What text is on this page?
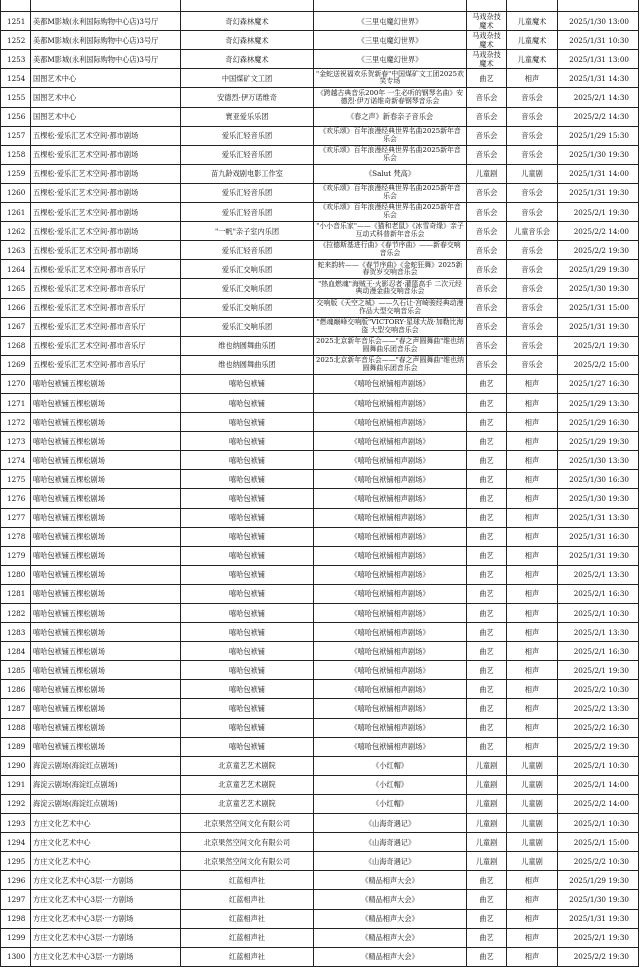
1251	美都M影城(永利国际购物中心店)3号厅	奇幻森林魔术	《三里屯魔幻世界》	马戏杂技魔术	儿童魔术	2025/1/30 13:00
1252	美都M影城(永利国际购物中心店)3号厅	奇幻森林魔术	《三里屯魔幻世界》	马戏杂技魔术	儿童魔术	2025/1/31 10:30
1253	美都M影城(永利国际购物中心店)3号厅	奇幻森林魔术	《三里屯魔幻世界》	马戏杂技魔术	儿童魔术	2025/1/31 13:00
1254	国图艺术中心	中国煤矿文工团	"金蛇送祝福欢乐贺新春"中国煤矿文工团2025欢笑专场	曲艺	相声	2025/1/31 14:30
1255	国图艺术中心	安德烈·伊万诺维奇	《跨越古典音乐200年 一生必听的钢琴名曲》安德烈·伊万诺维奇新春钢琴音乐会	音乐会	音乐会	2025/2/1 14:30
1256	国图艺术中心	寰亚爱乐乐团	《春之声》新春亲子音乐会	音乐会	音乐会	2025/2/2 14:30
1257	五棵松·爱乐汇艺术空间·都市剧场	爱乐汇轻音乐团	《欢乐颂》百年浪漫经典世界名曲2025新年音乐会	音乐会	音乐会	2025/1/29 15:30
1258	五棵松·爱乐汇艺术空间·都市剧场	爱乐汇轻音乐团	《欢乐颂》百年浪漫经典世界名曲2025新年音乐会	音乐会	音乐会	2025/1/30 19:30
1259	五棵松·爱乐汇艺术空间·都市剧场	苗九龄戏剧电影工作室	《Salut 梵高》	儿童剧	儿童剧	2025/1/31 14:00
1260	五棵松·爱乐汇艺术空间·都市剧场	爱乐汇轻音乐团	《欢乐颂》百年浪漫经典世界名曲2025新年音乐会	音乐会	音乐会	2025/1/31 19:30
1261	五棵松·爱乐汇艺术空间·都市剧场	爱乐汇轻音乐团	《欢乐颂》百年浪漫经典世界名曲2025新年音乐会	音乐会	音乐会	2025/2/1 19:30
1262	五棵松·爱乐汇艺术空间·都市剧场	"一帆"亲子室内乐团	"小小音乐家"——《猫和老鼠》《冰雪奇缘》亲子互动式科普新年音乐会	音乐会	儿童音乐会	2025/2/2 14:00
1263	五棵松·爱乐汇艺术空间·都市剧场	爱乐汇轻音乐团	《拉德斯基进行曲》《春节序曲》——新春交响音乐会	音乐会	音乐会	2025/2/2 19:30
1264	五棵松·爱乐汇艺术空间·都市音乐厅	爱乐汇交响乐团	蛇来韵转——《春节序曲》《金蛇狂舞》2025新春贺岁交响音乐会	音乐会	音乐会	2025/1/29 19:30
1265	五棵松·爱乐汇艺术空间·都市音乐厅	爱乐汇交响乐团	"热血燃魂"海贼王·火影忍者·灌篮高手 二次元经典动漫金曲交响音乐会	音乐会	音乐会	2025/1/30 19:30
1266	五棵松·爱乐汇艺术空间·都市音乐厅	爱乐汇交响乐团	交响版《天空之城》——久石让·宫崎骏经典动漫作品大型交响音乐会	音乐会	音乐会	2025/1/31 15:00
1267	五棵松·爱乐汇艺术空间·都市音乐厅	爱乐汇交响乐团	"燃魂巅峰交响版"VICTORY·星球大战·加勒比海盗 大型交响音乐会	音乐会	音乐会	2025/1/31 19:30
1268	五棵松·爱乐汇艺术空间·都市音乐厅	维也纳圆舞曲乐团	2025北京新年音乐会——"春之声圆舞曲"维也纳圆舞曲乐团音乐会	音乐会	音乐会	2025/2/1 19:30
1269	五棵松·爱乐汇艺术空间·都市音乐厅	维也纳圆舞曲乐团	2025北京新年音乐会——"春之声圆舞曲"维也纳圆舞曲乐团音乐会	音乐会	音乐会	2025/2/2 15:00
1270	嘻哈包袱铺五棵松剧场	嘻哈包袱铺	《嘻哈包袱铺相声剧场》	曲艺	相声	2025/1/27 16:30
1271	嘻哈包袱铺五棵松剧场	嘻哈包袱铺	《嘻哈包袱铺相声剧场》	曲艺	相声	2025/1/29 13:30
1272	嘻哈包袱铺五棵松剧场	嘻哈包袱铺	《嘻哈包袱铺相声剧场》	曲艺	相声	2025/1/29 16:30
1273	嘻哈包袱铺五棵松剧场	嘻哈包袱铺	《嘻哈包袱铺相声剧场》	曲艺	相声	2025/1/29 19:30
1274	嘻哈包袱铺五棵松剧场	嘻哈包袱铺	《嘻哈包袱铺相声剧场》	曲艺	相声	2025/1/30 13:30
1275	嘻哈包袱铺五棵松剧场	嘻哈包袱铺	《嘻哈包袱铺相声剧场》	曲艺	相声	2025/1/30 16:30
1276	嘻哈包袱铺五棵松剧场	嘻哈包袱铺	《嘻哈包袱铺相声剧场》	曲艺	相声	2025/1/30 19:30
1277	嘻哈包袱铺五棵松剧场	嘻哈包袱铺	《嘻哈包袱铺相声剧场》	曲艺	相声	2025/1/31 13:30
1278	嘻哈包袱铺五棵松剧场	嘻哈包袱铺	《嘻哈包袱铺相声剧场》	曲艺	相声	2025/1/31 16:30
1279	嘻哈包袱铺五棵松剧场	嘻哈包袱铺	《嘻哈包袱铺相声剧场》	曲艺	相声	2025/1/31 19:30
1280	嘻哈包袱铺五棵松剧场	嘻哈包袱铺	《嘻哈包袱铺相声剧场》	曲艺	相声	2025/2/1 13:30
1281	嘻哈包袱铺五棵松剧场	嘻哈包袱铺	《嘻哈包袱铺相声剧场》	曲艺	相声	2025/2/1 16:30
1282	嘻哈包袱铺五棵松剧场	嘻哈包袱铺	《嘻哈包袱铺相声剧场》	曲艺	相声	2025/2/1 10:30
1283	嘻哈包袱铺五棵松剧场	嘻哈包袱铺	《嘻哈包袱铺相声剧场》	曲艺	相声	2025/2/1 13:30
1284	嘻哈包袱铺五棵松剧场	嘻哈包袱铺	《嘻哈包袱铺相声剧场》	曲艺	相声	2025/2/1 16:30
1285	嘻哈包袱铺五棵松剧场	嘻哈包袱铺	《嘻哈包袱铺相声剧场》	曲艺	相声	2025/2/1 19:30
1286	嘻哈包袱铺五棵松剧场	嘻哈包袱铺	《嘻哈包袱铺相声剧场》	曲艺	相声	2025/2/2 10:30
1287	嘻哈包袱铺五棵松剧场	嘻哈包袱铺	《嘻哈包袱铺相声剧场》	曲艺	相声	2025/2/2 13:30
1288	嘻哈包袱铺五棵松剧场	嘻哈包袱铺	《嘻哈包袱铺相声剧场》	曲艺	相声	2025/2/2 16:30
1289	嘻哈包袱铺五棵松剧场	嘻哈包袱铺	《嘻哈包袱铺相声剧场》	曲艺	相声	2025/2/2 19:30
1290	海淀云剧场(海淀红点剧场)	北京童艺艺术剧院	《小红帽》	儿童剧	儿童剧	2025/2/1 10:30
1291	海淀云剧场(海淀红点剧场)	北京童艺艺术剧院	《小红帽》	儿童剧	儿童剧	2025/2/1 14:00
1292	海淀云剧场(海淀红点剧场)	北京童艺艺术剧院	《小红帽》	儿童剧	儿童剧	2025/2/2 14:00
1293	方庄文化艺术中心	北京果然空间文化有限公司	《山海奇遇记》	儿童剧	儿童剧	2025/2/1 10:30
1294	方庄文化艺术中心	北京果然空间文化有限公司	《山海奇遇记》	儿童剧	儿童剧	2025/2/1 15:00
1295	方庄文化艺术中心	北京果然空间文化有限公司	《山海奇遇记》	儿童剧	儿童剧	2025/2/2 10:30
1296	方庄文化艺术中心3层·一方剧场	红蓝相声社	《精品相声大会》	曲艺	相声	2025/1/29 19:30
1297	方庄文化艺术中心3层·一方剧场	红蓝相声社	《精品相声大会》	曲艺	相声	2025/1/30 19:30
1298	方庄文化艺术中心3层·一方剧场	红蓝相声社	《精品相声大会》	曲艺	相声	2025/1/31 19:30
1299	方庄文化艺术中心3层·一方剧场	红蓝相声社	《精品相声大会》	曲艺	相声	2025/2/1 19:30
1300	方庄文化艺术中心3层·一方剧场	红蓝相声社	《精品相声大会》	曲艺	相声	2025/2/2 19:30
